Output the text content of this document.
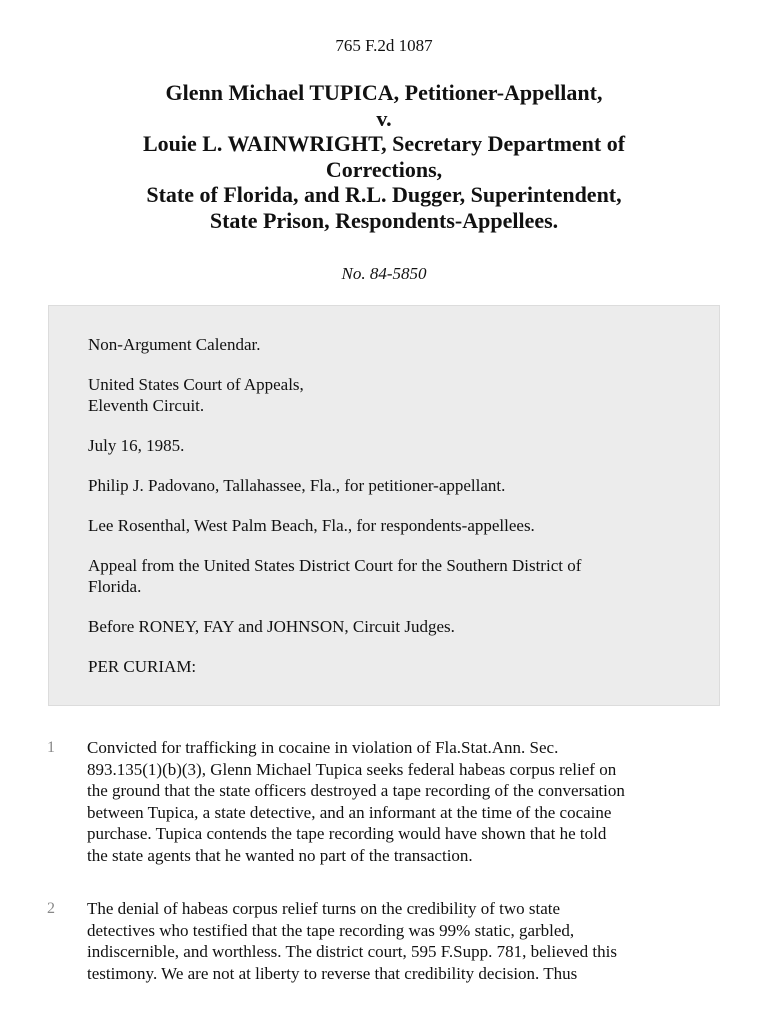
765 F.2d 1087
Glenn Michael TUPICA, Petitioner-Appellant,
v.
Louie L. WAINWRIGHT, Secretary Department of
Corrections,
State of Florida, and R.L. Dugger, Superintendent,
State Prison, Respondents-Appellees.
No. 84-5850

Non-Argument Calendar.

United States Court of Appeals,
Eleventh Circuit.

July 16, 1985.

Philip J. Padovano, Tallahassee, Fla., for petitioner-appellant.

Lee Rosenthal, West Palm Beach, Fla., for respondents-appellees.

Appeal from the United States District Court for the Southern District of
Florida.

Before RONEY, FAY and JOHNSON, Circuit Judges.

PER CURIAM:

1 Convicted for trafficking in cocaine in violation of Fla.Stat.Ann. Sec.
893.135(1)(b)(3), Glenn Michael Tupica seeks federal habeas corpus relief on
the ground that the state officers destroyed a tape recording of the conversation
between Tupica, a state detective, and an informant at the time of the cocaine
purchase. Tupica contends the tape recording would have shown that he told
the state agents that he wanted no part of the transaction.
2 The denial of habeas corpus relief turns on the credibility of two state
detectives who testified that the tape recording was 99% static, garbled,
indiscernible, and worthless. The district court, 595 F.Supp. 781, believed this
testimony. We are not at liberty to reverse that credibility decision. Thus
